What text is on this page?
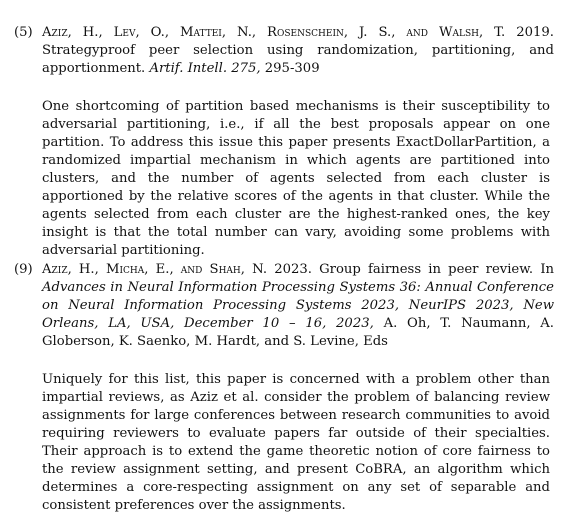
(5) Aziz, H., Lev, O., Mattei, N., Rosenschein, J. S., and Walsh, T. 2019. Strategyproof peer selection using randomization, partitioning, and apportionment. Artif. Intell. 275, 295-309

One shortcoming of partition based mechanisms is their susceptibility to adversarial partitioning, i.e., if all the best proposals appear on one partition. To address this issue this paper presents ExactDollarPartition, a randomized impartial mechanism in which agents are partitioned into clusters, and the number of agents selected from each cluster is apportioned by the relative scores of the agents in that cluster. While the agents selected from each cluster are the highest-ranked ones, the key insight is that the total number can vary, avoiding some problems with adversarial partitioning.

(9) Aziz, H., Micha, E., and Shah, N. 2023. Group fairness in peer review. In Advances in Neural Information Processing Systems 36: Annual Conference on Neural Information Processing Systems 2023, NeurIPS 2023, New Orleans, LA, USA, December 10 – 16, 2023, A. Oh, T. Naumann, A. Globerson, K. Saenko, M. Hardt, and S. Levine, Eds

Uniquely for this list, this paper is concerned with a problem other than impartial reviews, as Aziz et al. consider the problem of balancing review assignments for large conferences between research communities to avoid requiring reviewers to evaluate papers far outside of their specialties. Their approach is to extend the game theoretic notion of core fairness to the review assignment setting, and present CoBRA, an algorithm which determines a core-respecting assignment on any set of separable and consistent preferences over the assignments.
